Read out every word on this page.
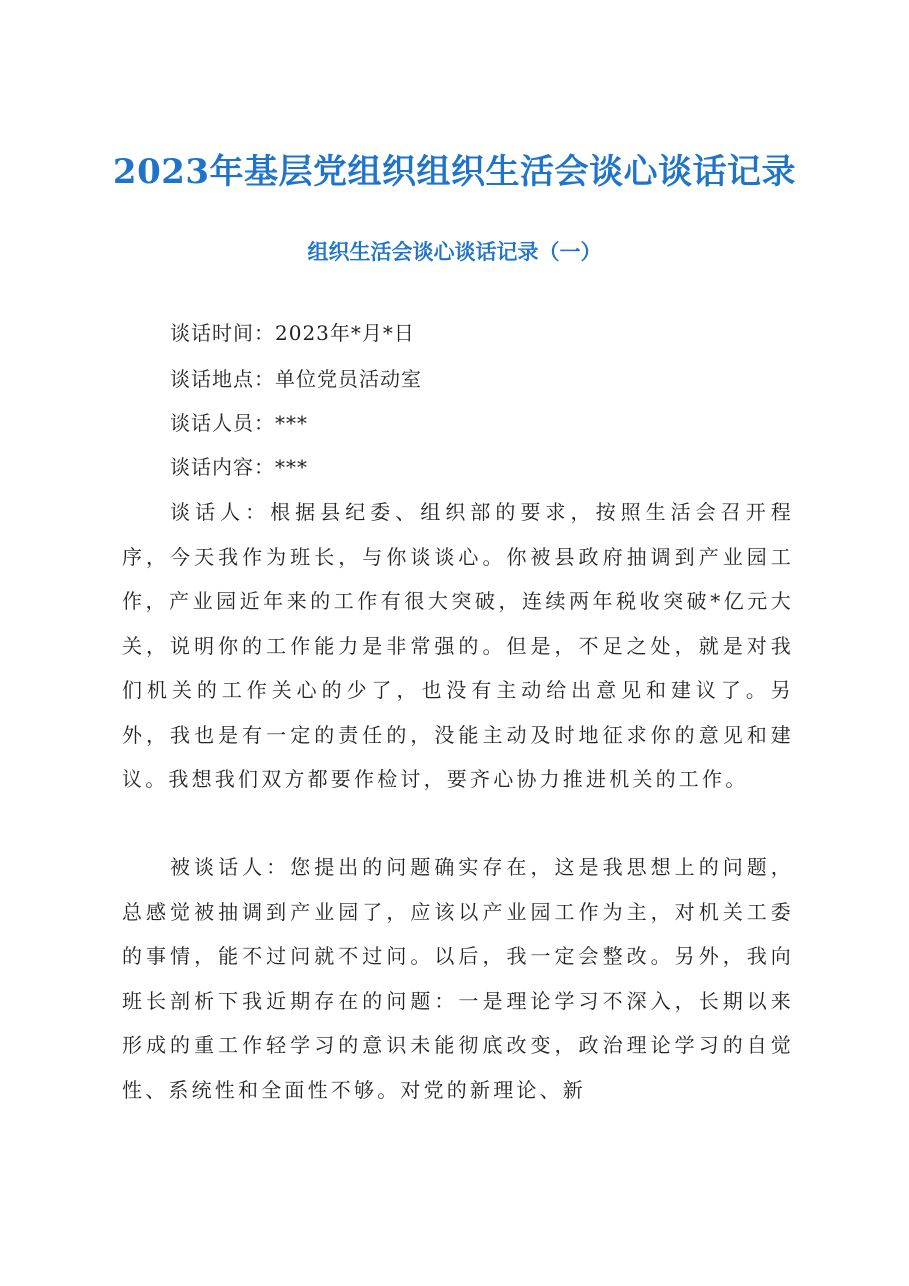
2023年基层党组织组织生活会谈心谈话记录
组织生活会谈心谈话记录（一）
谈话时间：2023年*月*日
谈话地点：单位党员活动室
谈话人员：***
谈话内容：***

谈话人：根据县纪委、组织部的要求，按照生活会召开程序，今天我作为班长，与你谈谈心。你被县政府抽调到产业园工作，产业园近年来的工作有很大突破，连续两年税收突破*亿元大关，说明你的工作能力是非常强的。但是，不足之处，就是对我们机关的工作关心的少了，也没有主动给出意见和建议了。另外，我也是有一定的责任的，没能主动及时地征求你的意见和建议。我想我们双方都要作检讨，要齐心协力推进机关的工作。

被谈话人：您提出的问题确实存在，这是我思想上的问题，总感觉被抽调到产业园了，应该以产业园工作为主，对机关工委的事情，能不过问就不过问。以后，我一定会整改。另外，我向班长剖析下我近期存在的问题：一是理论学习不深入，长期以来形成的重工作轻学习的意识未能彻底改变，政治理论学习的自觉性、系统性和全面性不够。对党的新理论、新
